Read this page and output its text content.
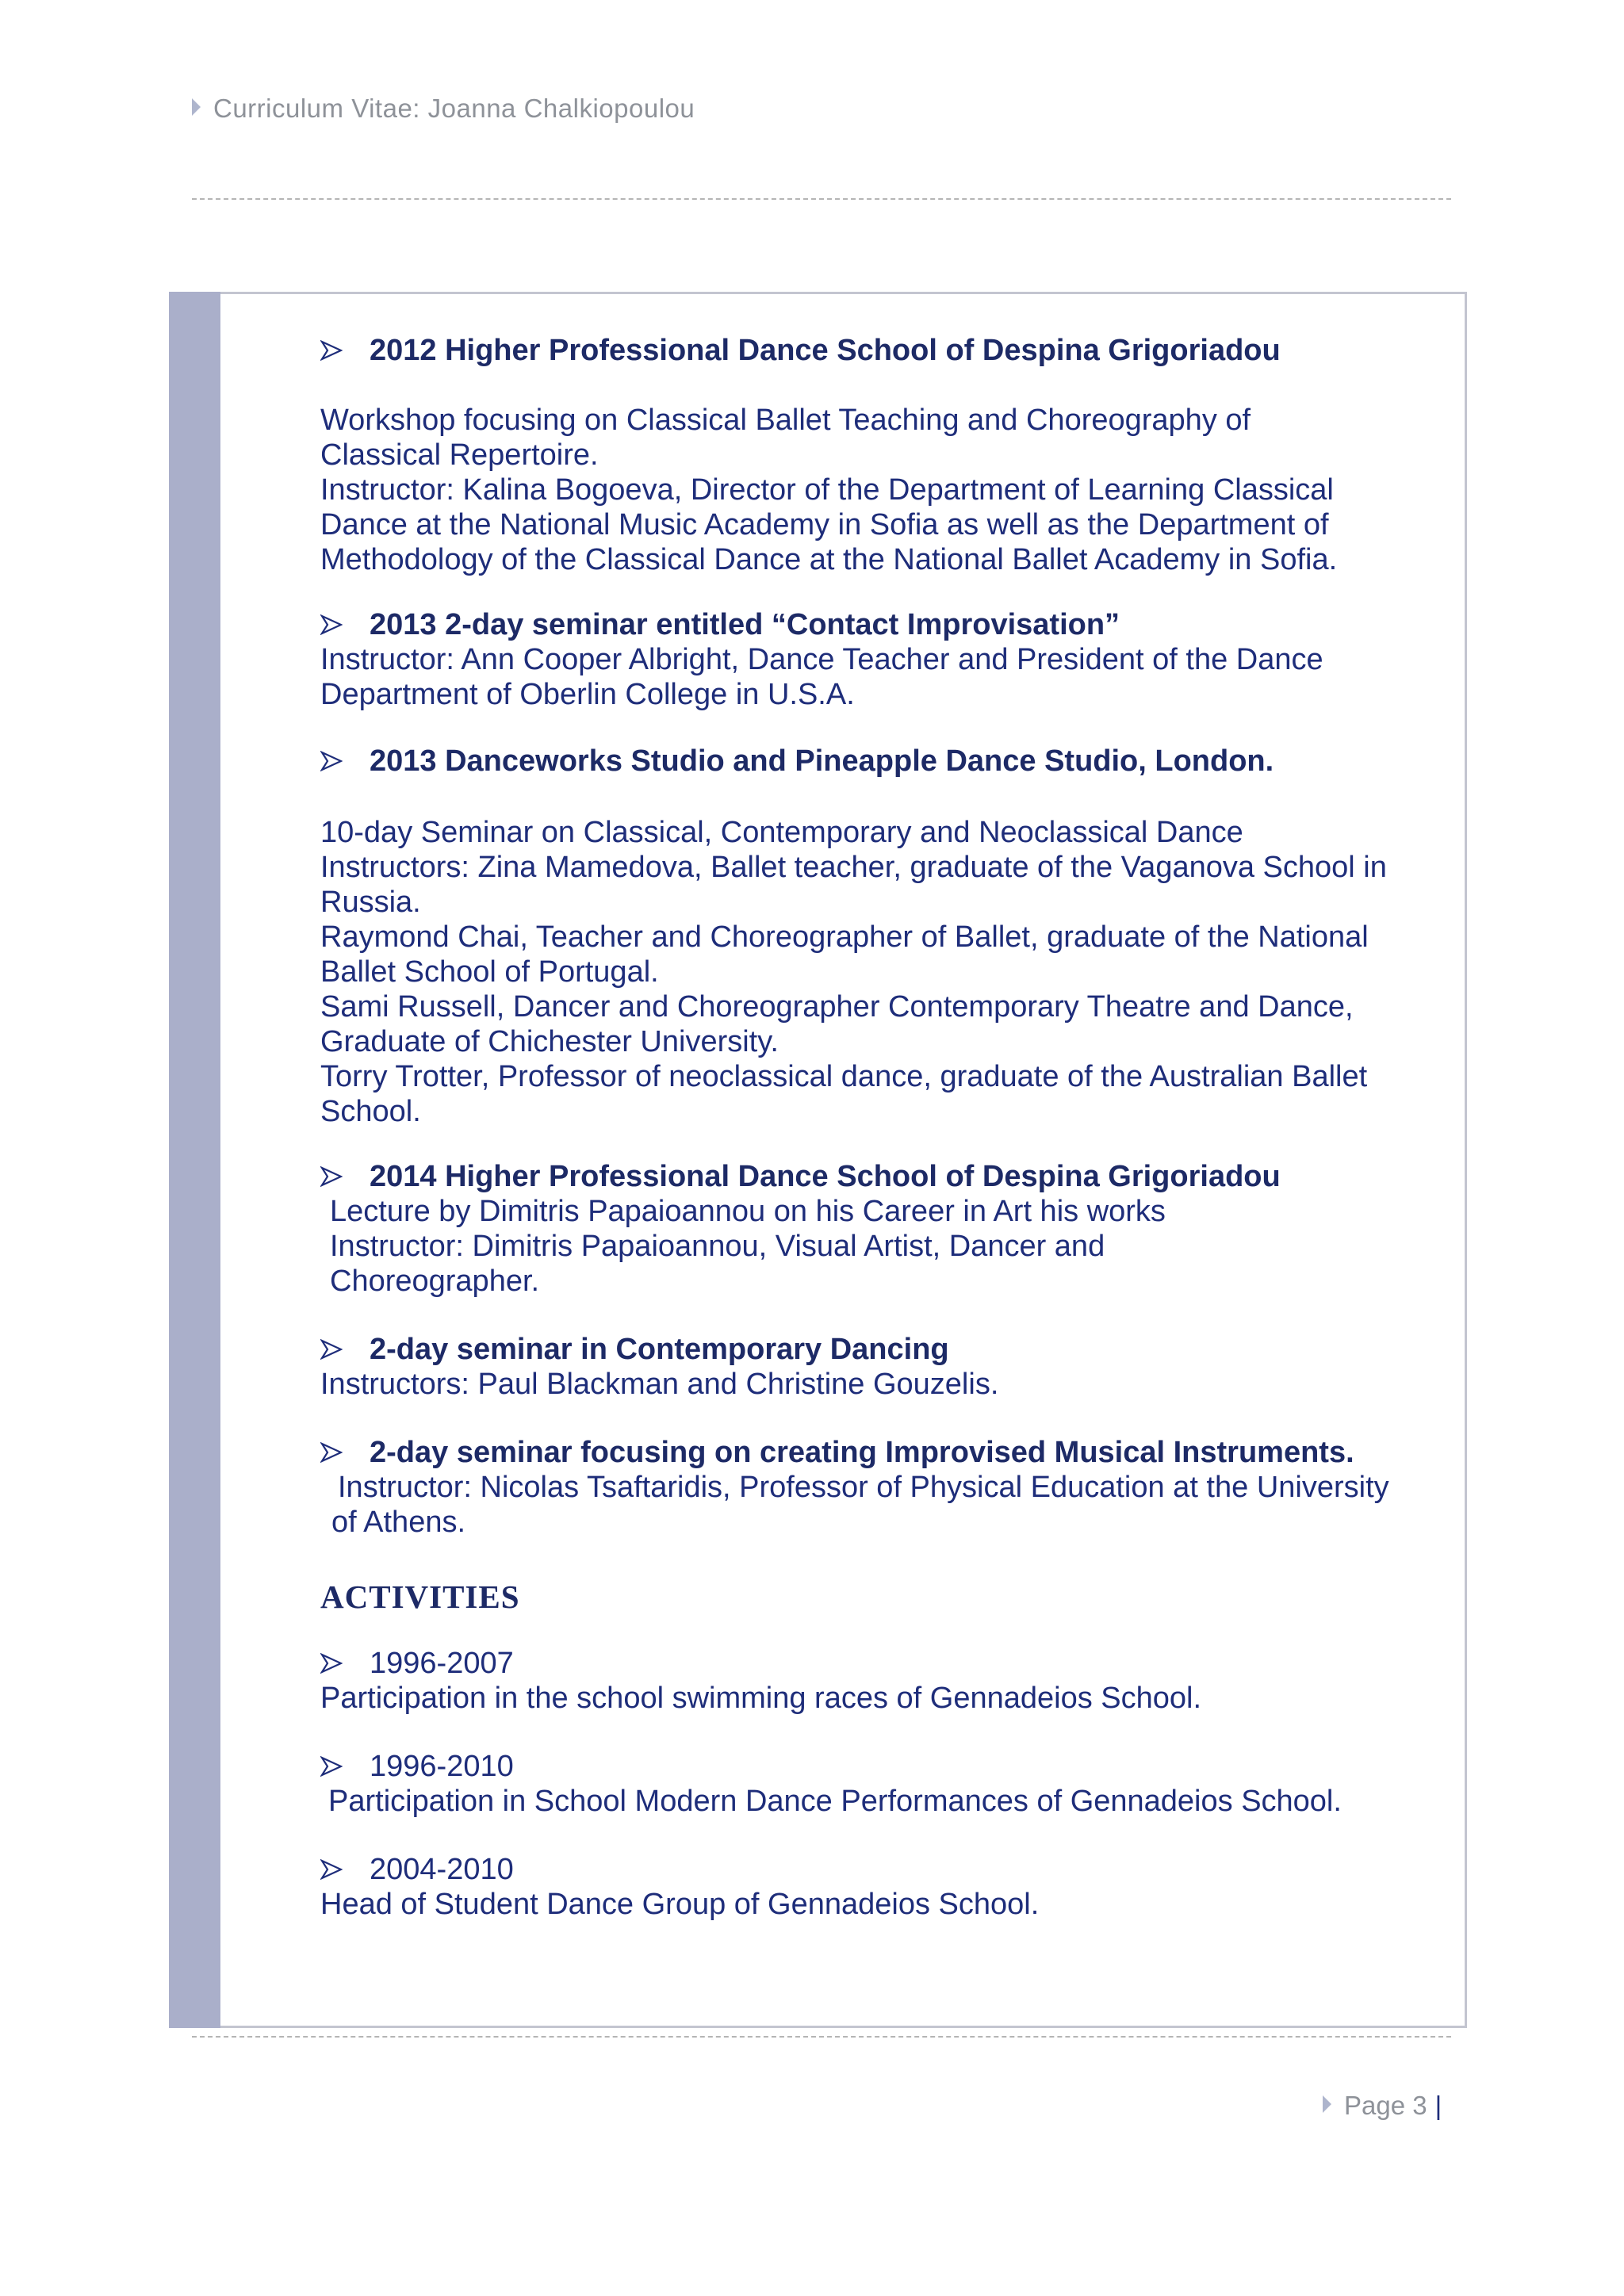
Curriculum Vitae: Joanna Chalkiopoulou
2012 Higher Professional Dance School of Despina Grigoriadou

Workshop focusing on Classical Ballet Teaching and Choreography of

Classical Repertoire.

Instructor: Kalina Bogoeva, Director of the Department of Learning Classical

Dance at the National Music Academy in Sofia as well as the Department of

Methodology of the Classical Dance at the National Ballet Academy in Sofia.

2013 2-day seminar entitled “Contact Improvisation”

Instructor: Ann Cooper Albright, Dance Teacher and President of the Dance

Department of Oberlin College in U.S.A.

2013 Danceworks Studio and Pineapple Dance Studio, London.

10-day Seminar on Classical, Contemporary and Neoclassical Dance

Instructors: Zina Mamedova, Ballet teacher, graduate of the Vaganova School in

Russia.

Raymond Chai, Teacher and Choreographer of Ballet, graduate of the National

Ballet School of Portugal.

Sami Russell, Dancer and Choreographer Contemporary Theatre and Dance,

Graduate of Chichester University.

Torry Trotter, Professor of neoclassical dance, graduate of the Australian Ballet

School.

2014 Higher Professional Dance School of Despina Grigoriadou

Lecture by Dimitris Papaioannou on his Career in Art his works

Instructor: Dimitris Papaioannou, Visual Artist, Dancer and

Choreographer.

2-day seminar in Contemporary Dancing

Instructors: Paul Blackman and Christine Gouzelis.

2-day seminar focusing on creating Improvised Musical Instruments.

Instructor: Nicolas Tsaftaridis, Professor of Physical Education at the University

of Athens.

ACTIVITIES
1996-2007
Participation in the school swimming races of Gennadeios School.
1996-2010
Participation in School Modern Dance Performances of Gennadeios School.
2004-2010
Head of Student Dance Group of Gennadeios School.
Page 3 |
